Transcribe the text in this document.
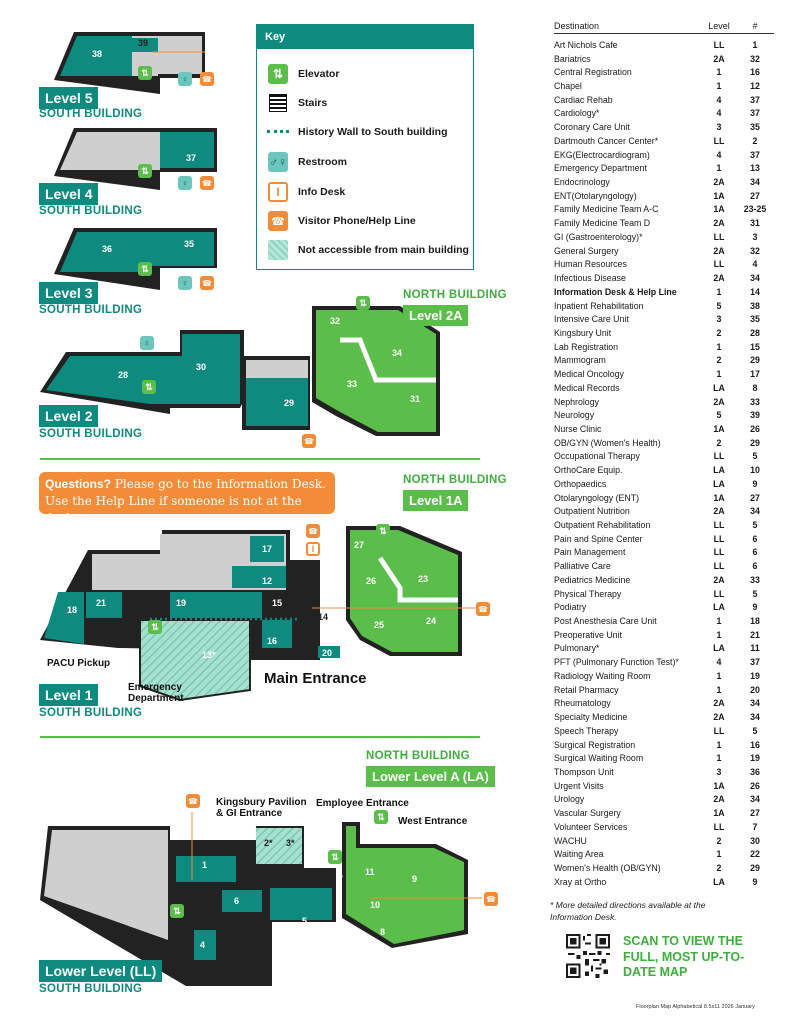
38
39
37
36	35
28
30
29
32
34
33
31
27
26	23
25	24
17
12
18
21	19	15
16
14
22
20
13*
11
9
7
10
8
1
6
5
4
2* 3*
⇅
♀	☎
⇅
♀	☎
⇅
♀	☎
♀
⇅
⇅
☎
☎
I
⇅
⇅
☎
☎
⇅
⇅
⇅
☎
Level 5
SOUTH BUILDING
Level 4
SOUTH BUILDING
Level 3
SOUTH BUILDING
Level 2
SOUTH BUILDING
NORTH BUILDING
Level 2A
Questions? Please go to the Information Desk.
Use the Help Line if someone is not at the desk.
NORTH BUILDING
Level 1A
PACU Pickup
Emergency
Department
Main Entrance
Level 1
SOUTH BUILDING
NORTH BUILDING
Lower Level A (LA)
Kingsbury Pavilion
& GI Entrance
Employee Entrance
West Entrance
Lower Level (LL)
SOUTH BUILDING
Key
⇅	Elevator
Stairs
History Wall to South building
♂♀ Restroom
I	Info Desk
☎	Visitor Phone/Help Line
Not accessible from main building
Destination	Level	#
Art Nichols Cafe	LL	1
Bariatrics	2A	32
Central Registration	1	16
Chapel	1	12
Cardiac Rehab	4	37
Cardiology*	4	37
Coronary Care Unit	3	35
Dartmouth Cancer Center*	LL	2
EKG(Electrocardiogram)	4	37
Emergency Department	1	13
Endocrinology	2A	34
ENT(Otolaryngology)	1A	27
Family Medicine Team A-C	1A	23-25
Family Medicine Team D	2A	31
GI (Gastroenterology)*	LL	3
General Surgery	2A	32
Human Resources	LL	4
Infectious Disease	2A	34
Information Desk & Help Line	1	14
Inpatient Rehabilitation	5	38
Intensive Care Unit	3	35
Kingsbury Unit	2	28
Lab Registration	1	15
Mammogram	2	29
Medical Oncology	1	17
Medical Records	LA	8
Nephrology	2A	33
Neurology	5	39
Nurse Clinic	1A	26
OB/GYN (Women's Health)	2	29
Occupational Therapy	LL	5
OrthoCare Equip.	LA	10
Orthopaedics	LA	9
Otolaryngology (ENT)	1A	27
Outpatient Nutrition	2A	34
Outpatient Rehabilitation	LL	5
Pain and Spine Center	LL	6
Pain Management	LL	6
Palliative Care	LL	6
Pediatrics Medicine	2A	33
Physical Therapy	LL	5
Podiatry	LA	9
Post Anesthesia Care Unit	1	18
Preoperative Unit	1	21
Pulmonary*	LA	11
PFT (Pulmonary Function Test)*	4	37
Radiology Waiting Room	1	19
Retail Pharmacy	1	20
Rheumatology	2A	34
Specialty Medicine	2A	34
Speech Therapy	LL	5
Surgical Registration	1	16
Surgical Waiting Room	1	19
Thompson Unit	3	36
Urgent Visits	1A	26
Urology	2A	34
Vascular Surgery	1A	27
Volunteer Services	LL	7
WACHU	2	30
Waiting Area	1	22
Women's Health (OB/GYN)	2	29
Xray at Ortho	LA	9
* More detailed directions available at the Information Desk.
SCAN TO VIEW THE FULL, MOST UP-TO-DATE MAP
Floorplan Map Alphabetical 8.5x11 2026 January
